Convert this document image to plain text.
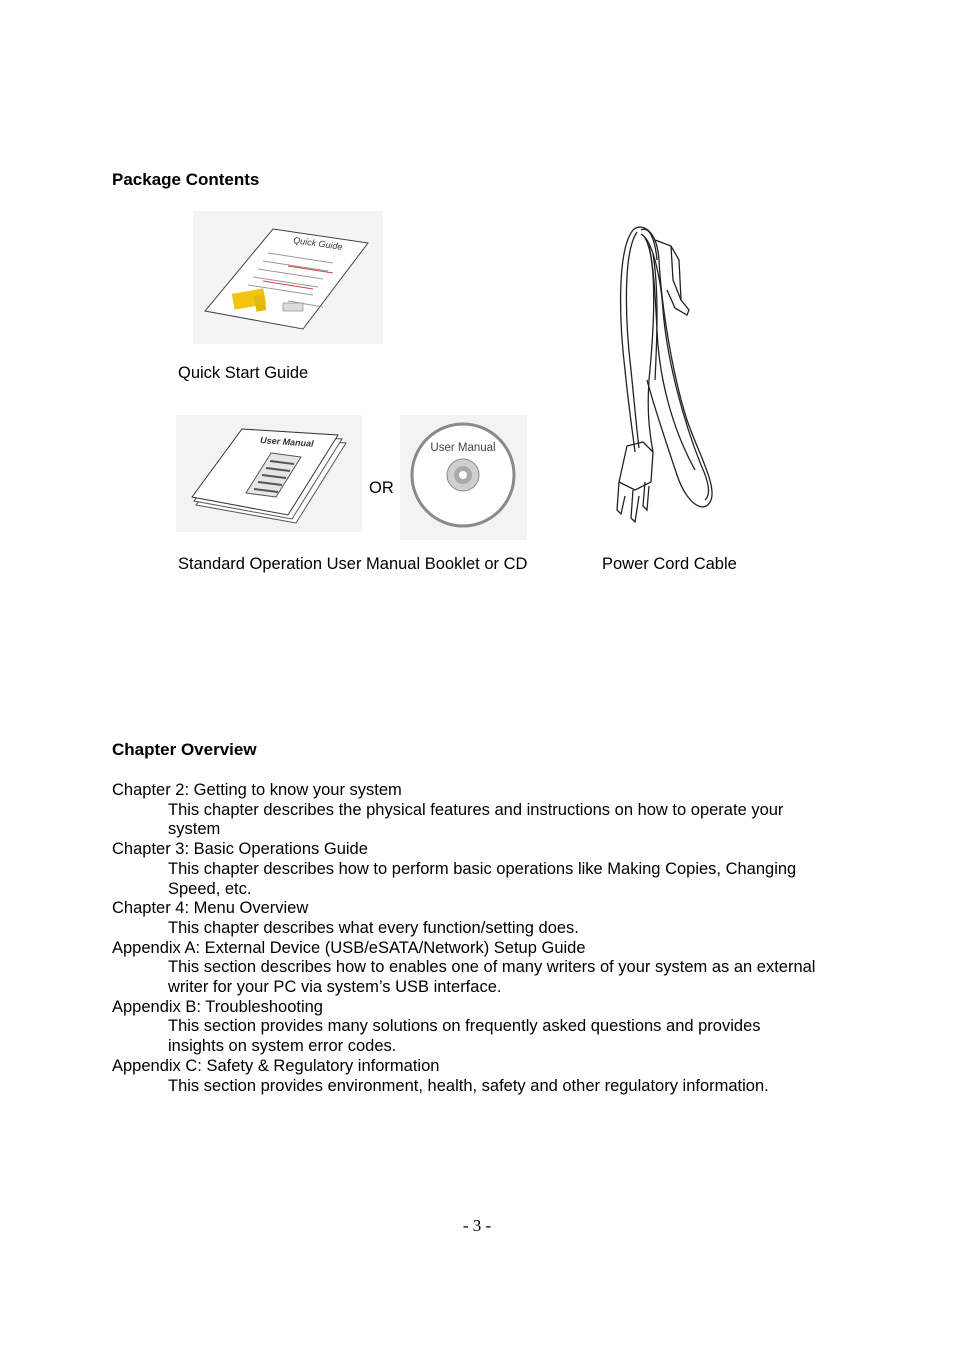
Package Contents
Quick Guide
Quick Start Guide
User Manual
OR
User Manual
Standard Operation User Manual Booklet or CD	Power Cord Cable
Chapter Overview
Chapter 2: Getting to know your system
This chapter describes the physical features and instructions on how to operate your
system
Chapter 3: Basic Operations Guide
This chapter describes how to perform basic operations like Making Copies, Changing
Speed, etc.
Chapter 4: Menu Overview
This chapter describes what every function/setting does.
Appendix A: External Device (USB/eSATA/Network) Setup Guide
This section describes how to enables one of many writers of your system as an external
writer for your PC via system’s USB interface.
Appendix B: Troubleshooting
This section provides many solutions on frequently asked questions and provides
insights on system error codes.
Appendix C: Safety & Regulatory information
This section provides environment, health, safety and other regulatory information.
- 3 -
